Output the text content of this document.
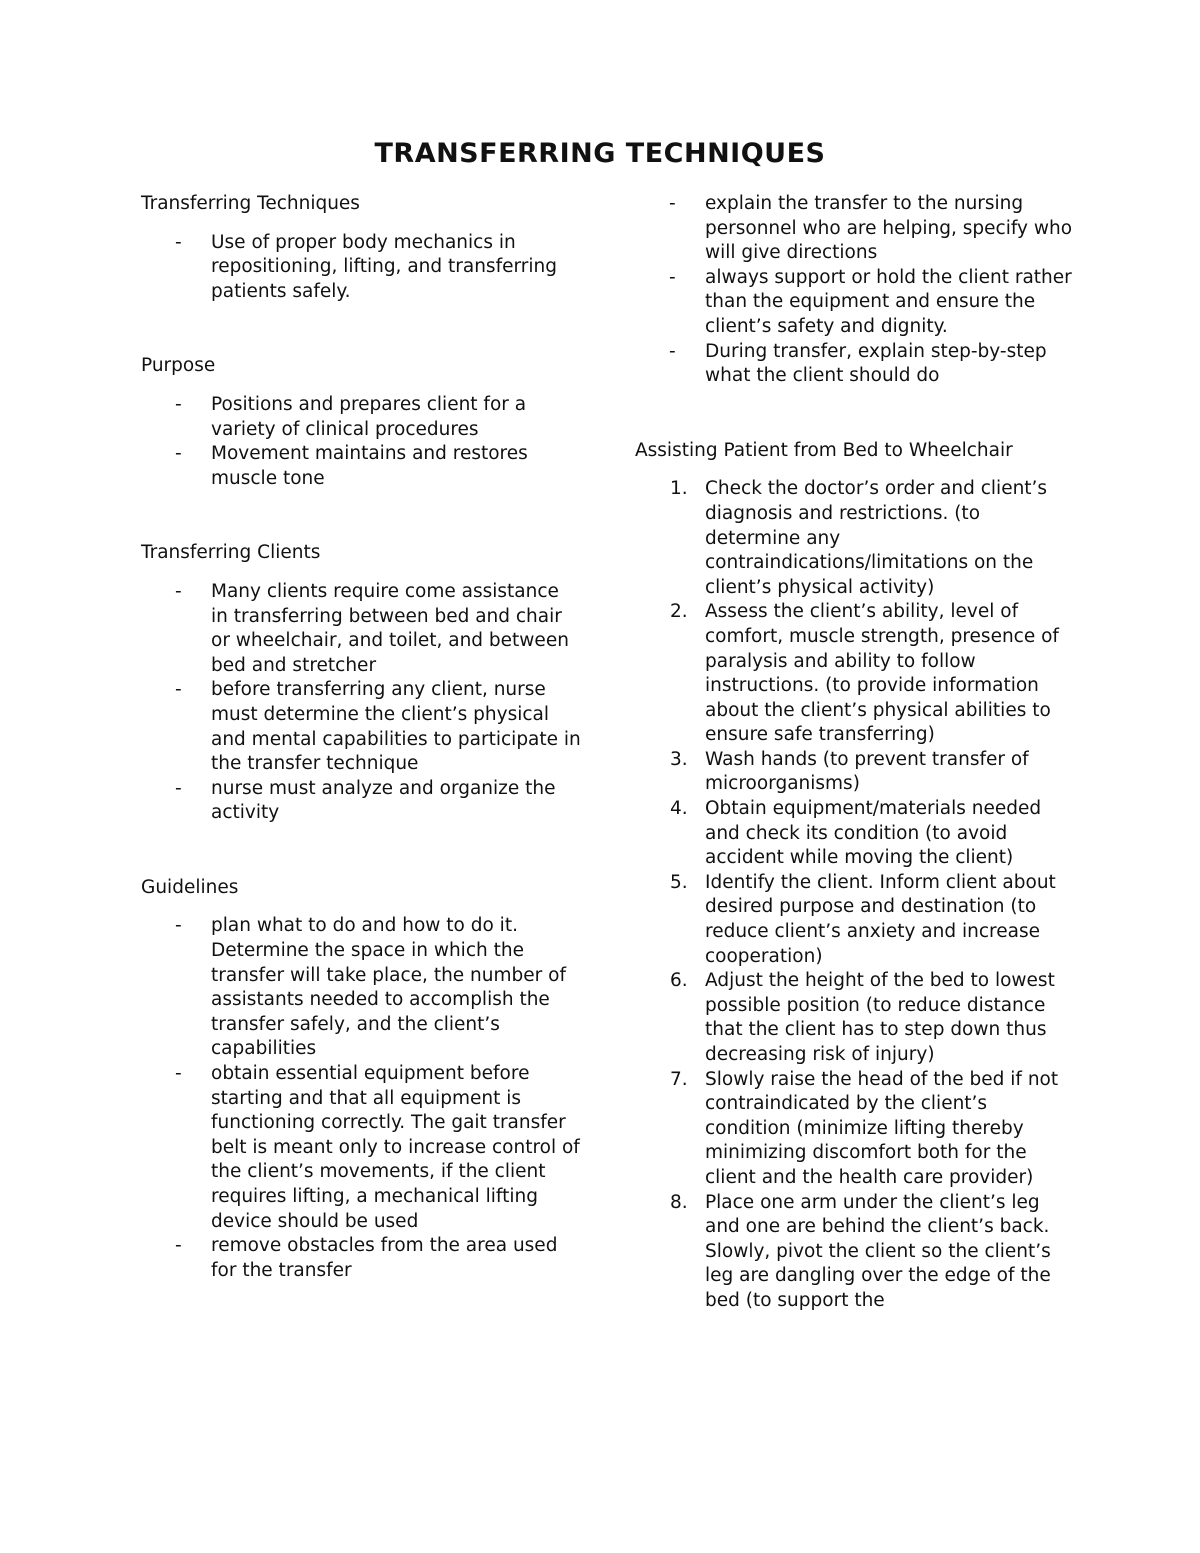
TRANSFERRING TECHNIQUES
Transferring Techniques
- Use of proper body mechanics in repositioning, lifting, and transferring patients safely.
Purpose
- Positions and prepares client for a variety of clinical procedures
- Movement maintains and restores muscle tone
Transferring Clients
- Many clients require come assistance in transferring between bed and chair or wheelchair, and toilet, and between bed and stretcher
- before transferring any client, nurse must determine the client’s physical and mental capabilities to participate in the transfer technique
- nurse must analyze and organize the activity
Guidelines
- plan what to do and how to do it. Determine the space in which the transfer will take place, the number of assistants needed to accomplish the transfer safely, and the client’s capabilities
- obtain essential equipment before starting and that all equipment is functioning correctly. The gait transfer belt is meant only to increase control of the client’s movements, if the client requires lifting, a mechanical lifting device should be used
- remove obstacles from the area used for the transfer
- explain the transfer to the nursing personnel who are helping, specify who will give directions
- always support or hold the client rather than the equipment and ensure the client’s safety and dignity.
- During transfer, explain step-by-step what the client should do
Assisting Patient from Bed to Wheelchair
1. Check the doctor’s order and client’s diagnosis and restrictions. (to determine any contraindications/limitations on the client’s physical activity)
2. Assess the client’s ability, level of comfort, muscle strength, presence of paralysis and ability to follow instructions. (to provide information about the client’s physical abilities to ensure safe transferring)
3. Wash hands (to prevent transfer of microorganisms)
4. Obtain equipment/materials needed and check its condition (to avoid accident while moving the client)
5. Identify the client. Inform client about desired purpose and destination (to reduce client’s anxiety and increase cooperation)
6. Adjust the height of the bed to lowest possible position (to reduce distance that the client has to step down thus decreasing risk of injury)
7. Slowly raise the head of the bed if not contraindicated by the client’s condition (minimize lifting thereby minimizing discomfort both for the client and the health care provider)
8. Place one arm under the client’s leg and one are behind the client’s back. Slowly, pivot the client so the client’s leg are dangling over the edge of the bed (to support the
